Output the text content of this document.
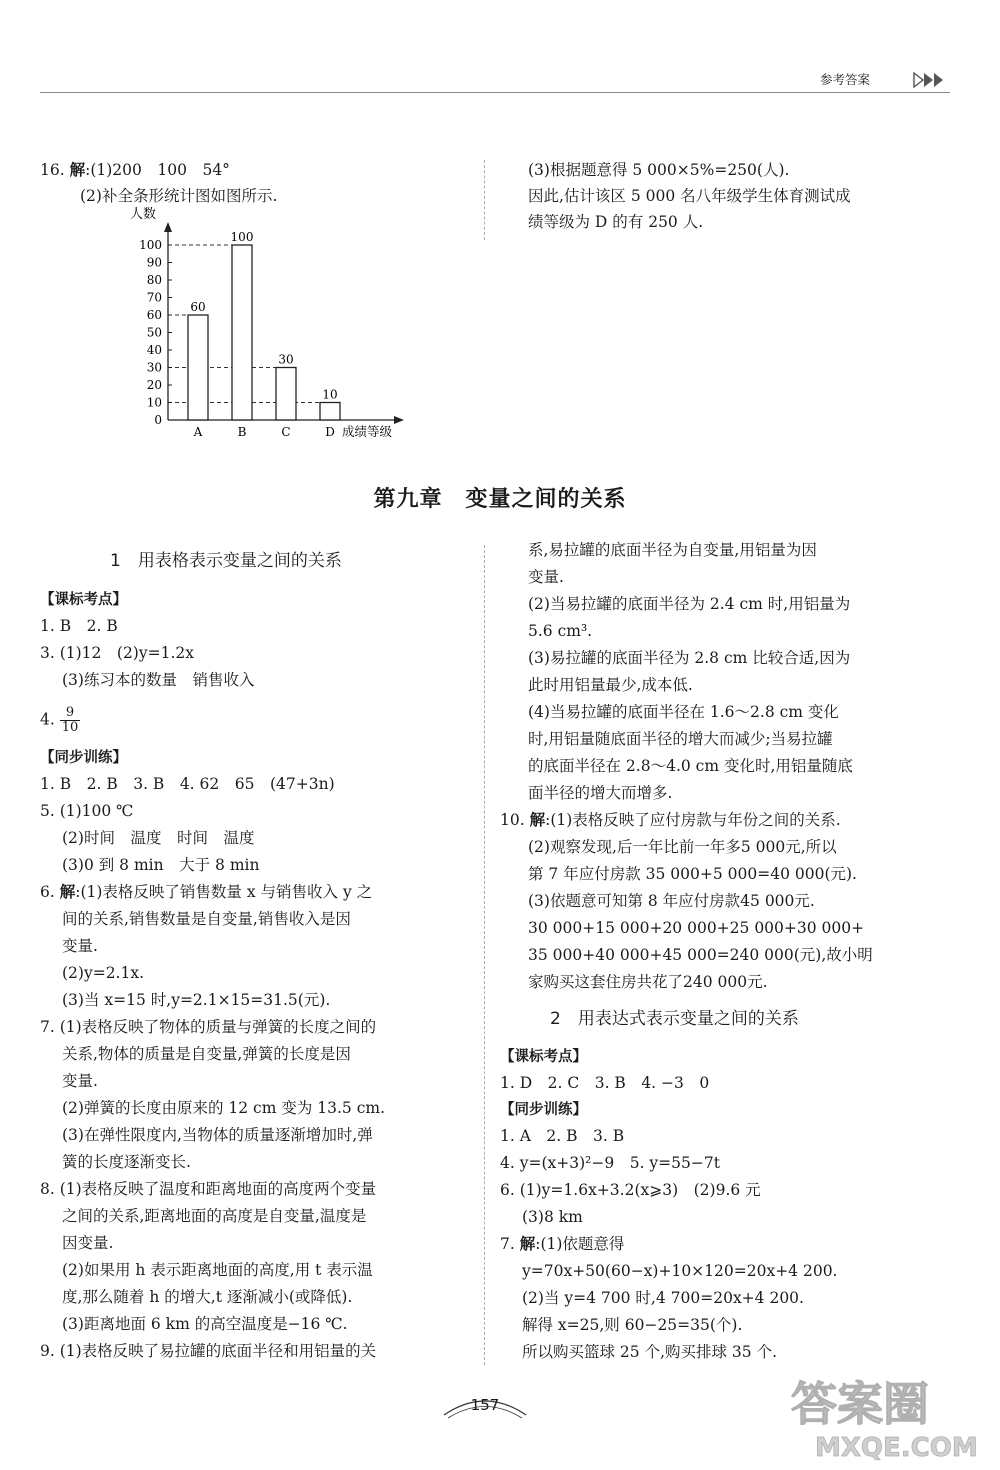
参考答案
16. 解:(1)200　100　54°
(2)补全条形统计图如图所示.
(3)根据题意得 5 000×5%=250(人).
因此,估计该区 5 000 名八年级学生体育测试成
绩等级为 D 的有 250 人.
0
10
20
30
40
50
60
70
80
90
100
60
100
30
10
A	B	C	D
人数
成绩等级
第九章　变量之间的关系
1　用表格表示变量之间的关系
【课标考点】
1. B　2. B
3. (1)12　(2)y=1.2x
(3)练习本的数量　销售收入
4. $\frac{9}{10}$
【同步训练】
1. B　2. B　3. B　4. 62　65　(47+3n)
5. (1)100 ℃
(2)时间　温度　时间　温度
(3)0 到 8 min　大于 8 min
6. 解:(1)表格反映了销售数量 x 与销售收入 y 之
间的关系,销售数量是自变量,销售收入是因
变量.
(2)y=2.1x.
(3)当 x=15 时,y=2.1×15=31.5(元).
7. (1)表格反映了物体的质量与弹簧的长度之间的
关系,物体的质量是自变量,弹簧的长度是因
变量.
(2)弹簧的长度由原来的 12 cm 变为 13.5 cm.
(3)在弹性限度内,当物体的质量逐渐增加时,弹
簧的长度逐渐变长.
8. (1)表格反映了温度和距离地面的高度两个变量
之间的关系,距离地面的高度是自变量,温度是
因变量.
(2)如果用 h 表示距离地面的高度,用 t 表示温
度,那么随着 h 的增大,t 逐渐减小(或降低).
(3)距离地面 6 km 的高空温度是−16 ℃.
9. (1)表格反映了易拉罐的底面半径和用铝量的关
系,易拉罐的底面半径为自变量,用铝量为因
变量.
(2)当易拉罐的底面半径为 2.4 cm 时,用铝量为
5.6 cm³.
(3)易拉罐的底面半径为 2.8 cm 比较合适,因为
此时用铝量最少,成本低.
(4)当易拉罐的底面半径在 1.6～2.8 cm 变化
时,用铝量随底面半径的增大而减少;当易拉罐
的底面半径在 2.8～4.0 cm 变化时,用铝量随底
面半径的增大而增多.
10. 解:(1)表格反映了应付房款与年份之间的关系.
(2)观察发现,后一年比前一年多5 000元,所以
第 7 年应付房款 35 000+5 000=40 000(元).
(3)依题意可知第 8 年应付房款45 000元.
30 000+15 000+20 000+25 000+30 000+
35 000+40 000+45 000=240 000(元),故小明
家购买这套住房共花了240 000元.
2　用表达式表示变量之间的关系
【课标考点】
1. D　2. C　3. B　4. −3　0
【同步训练】
1. A　2. B　3. B
4. y=(x+3)²−9　5. y=55−7t
6. (1)y=1.6x+3.2(x⩾3)　(2)9.6 元
(3)8 km
7. 解:(1)依题意得
y=70x+50(60−x)+10×120=20x+4 200.
(2)当 y=4 700 时,4 700=20x+4 200.
解得 x=25,则 60−25=35(个).
所以购买篮球 25 个,购买排球 35 个.
157	答案圈
MXQE.COM
